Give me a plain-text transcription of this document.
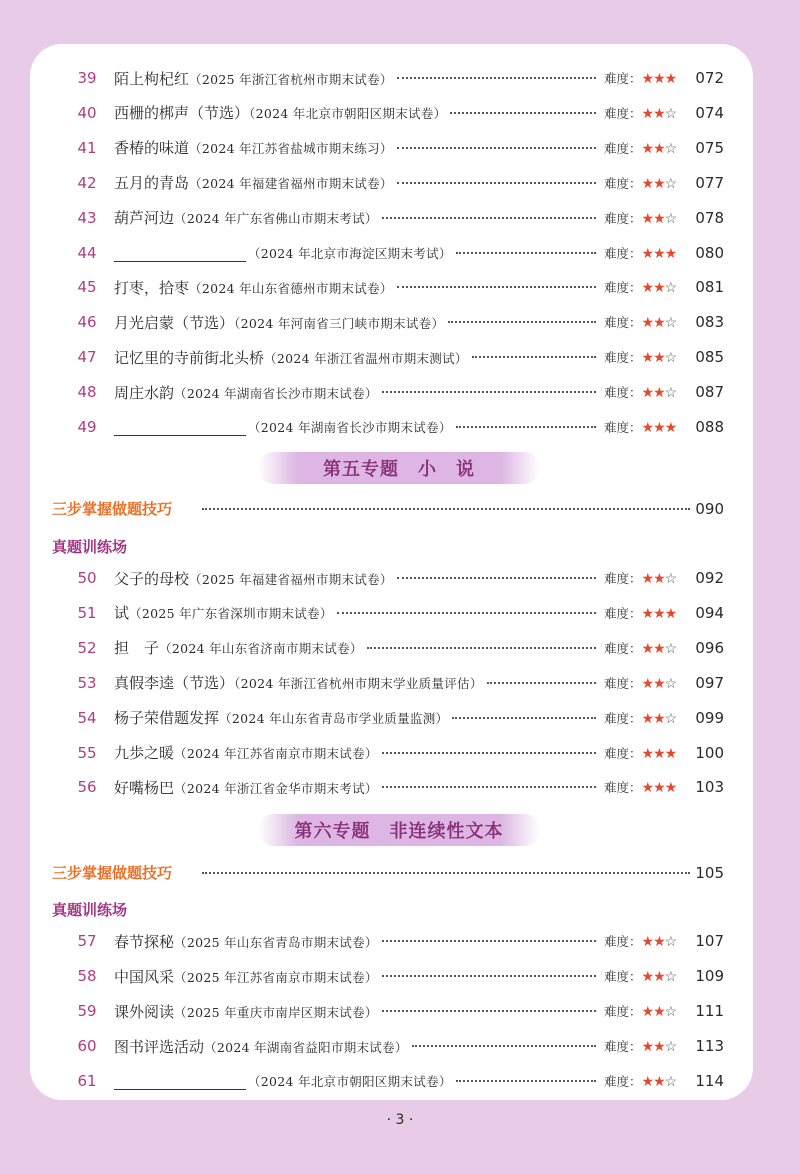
39	陌上枸杞红（2025 年浙江省杭州市期末试卷）	难度：★★★ 072
40	西栅的梆声（节选）（2024 年北京市朝阳区期末试卷）	难度：★★☆ 074
41	香椿的味道（2024 年江苏省盐城市期末练习）	难度：★★☆ 075
42	五月的青岛（2024 年福建省福州市期末试卷）	难度：★★☆ 077
43	葫芦河边（2024 年广东省佛山市期末考试）	难度：★★☆ 078
44	（2024 年北京市海淀区期末考试）	难度：★★★ 080
45	打枣，拾枣（2024 年山东省德州市期末试卷）	难度：★★☆ 081
46	月光启蒙（节选）（2024 年河南省三门峡市期末试卷）	难度：★★☆ 083
47	记忆里的寺前街北头桥（2024 年浙江省温州市期末测试）	难度：★★☆ 085
48	周庄水韵（2024 年湖南省长沙市期末试卷）	难度：★★☆ 087
49	（2024 年湖南省长沙市期末试卷）	难度：★★★ 088
第五专题　小　说
三步掌握做题技巧	090
真题训练场
50	父子的母校（2025 年福建省福州市期末试卷）	难度：★★☆ 092
51	试（2025 年广东省深圳市期末试卷）	难度：★★★ 094
52	担　子（2024 年山东省济南市期末试卷）	难度：★★☆ 096
53	真假李逵（节选）（2024 年浙江省杭州市期末学业质量评估）	难度：★★☆ 097
54	杨子荣借题发挥（2024 年山东省青岛市学业质量监测）	难度：★★☆ 099
55	九歩之暖（2024 年江苏省南京市期末试卷）	难度：★★★ 100
56	好嘴杨巴（2024 年浙江省金华市期末考试）	难度：★★★ 103
第六专题　非连续性文本
三步掌握做题技巧	105
真题训练场
57	春节探秘（2025 年山东省青岛市期末试卷）	难度：★★☆ 107
58	中国风采（2025 年江苏省南京市期末试卷）	难度：★★☆ 109
59	课外阅读（2025 年重庆市南岸区期末试卷）	难度：★★☆ 111
60	图书评选活动（2024 年湖南省益阳市期末试卷）	难度：★★☆ 113
61	（2024 年北京市朝阳区期末试卷）	难度：★★☆ 114
· 3 ·
